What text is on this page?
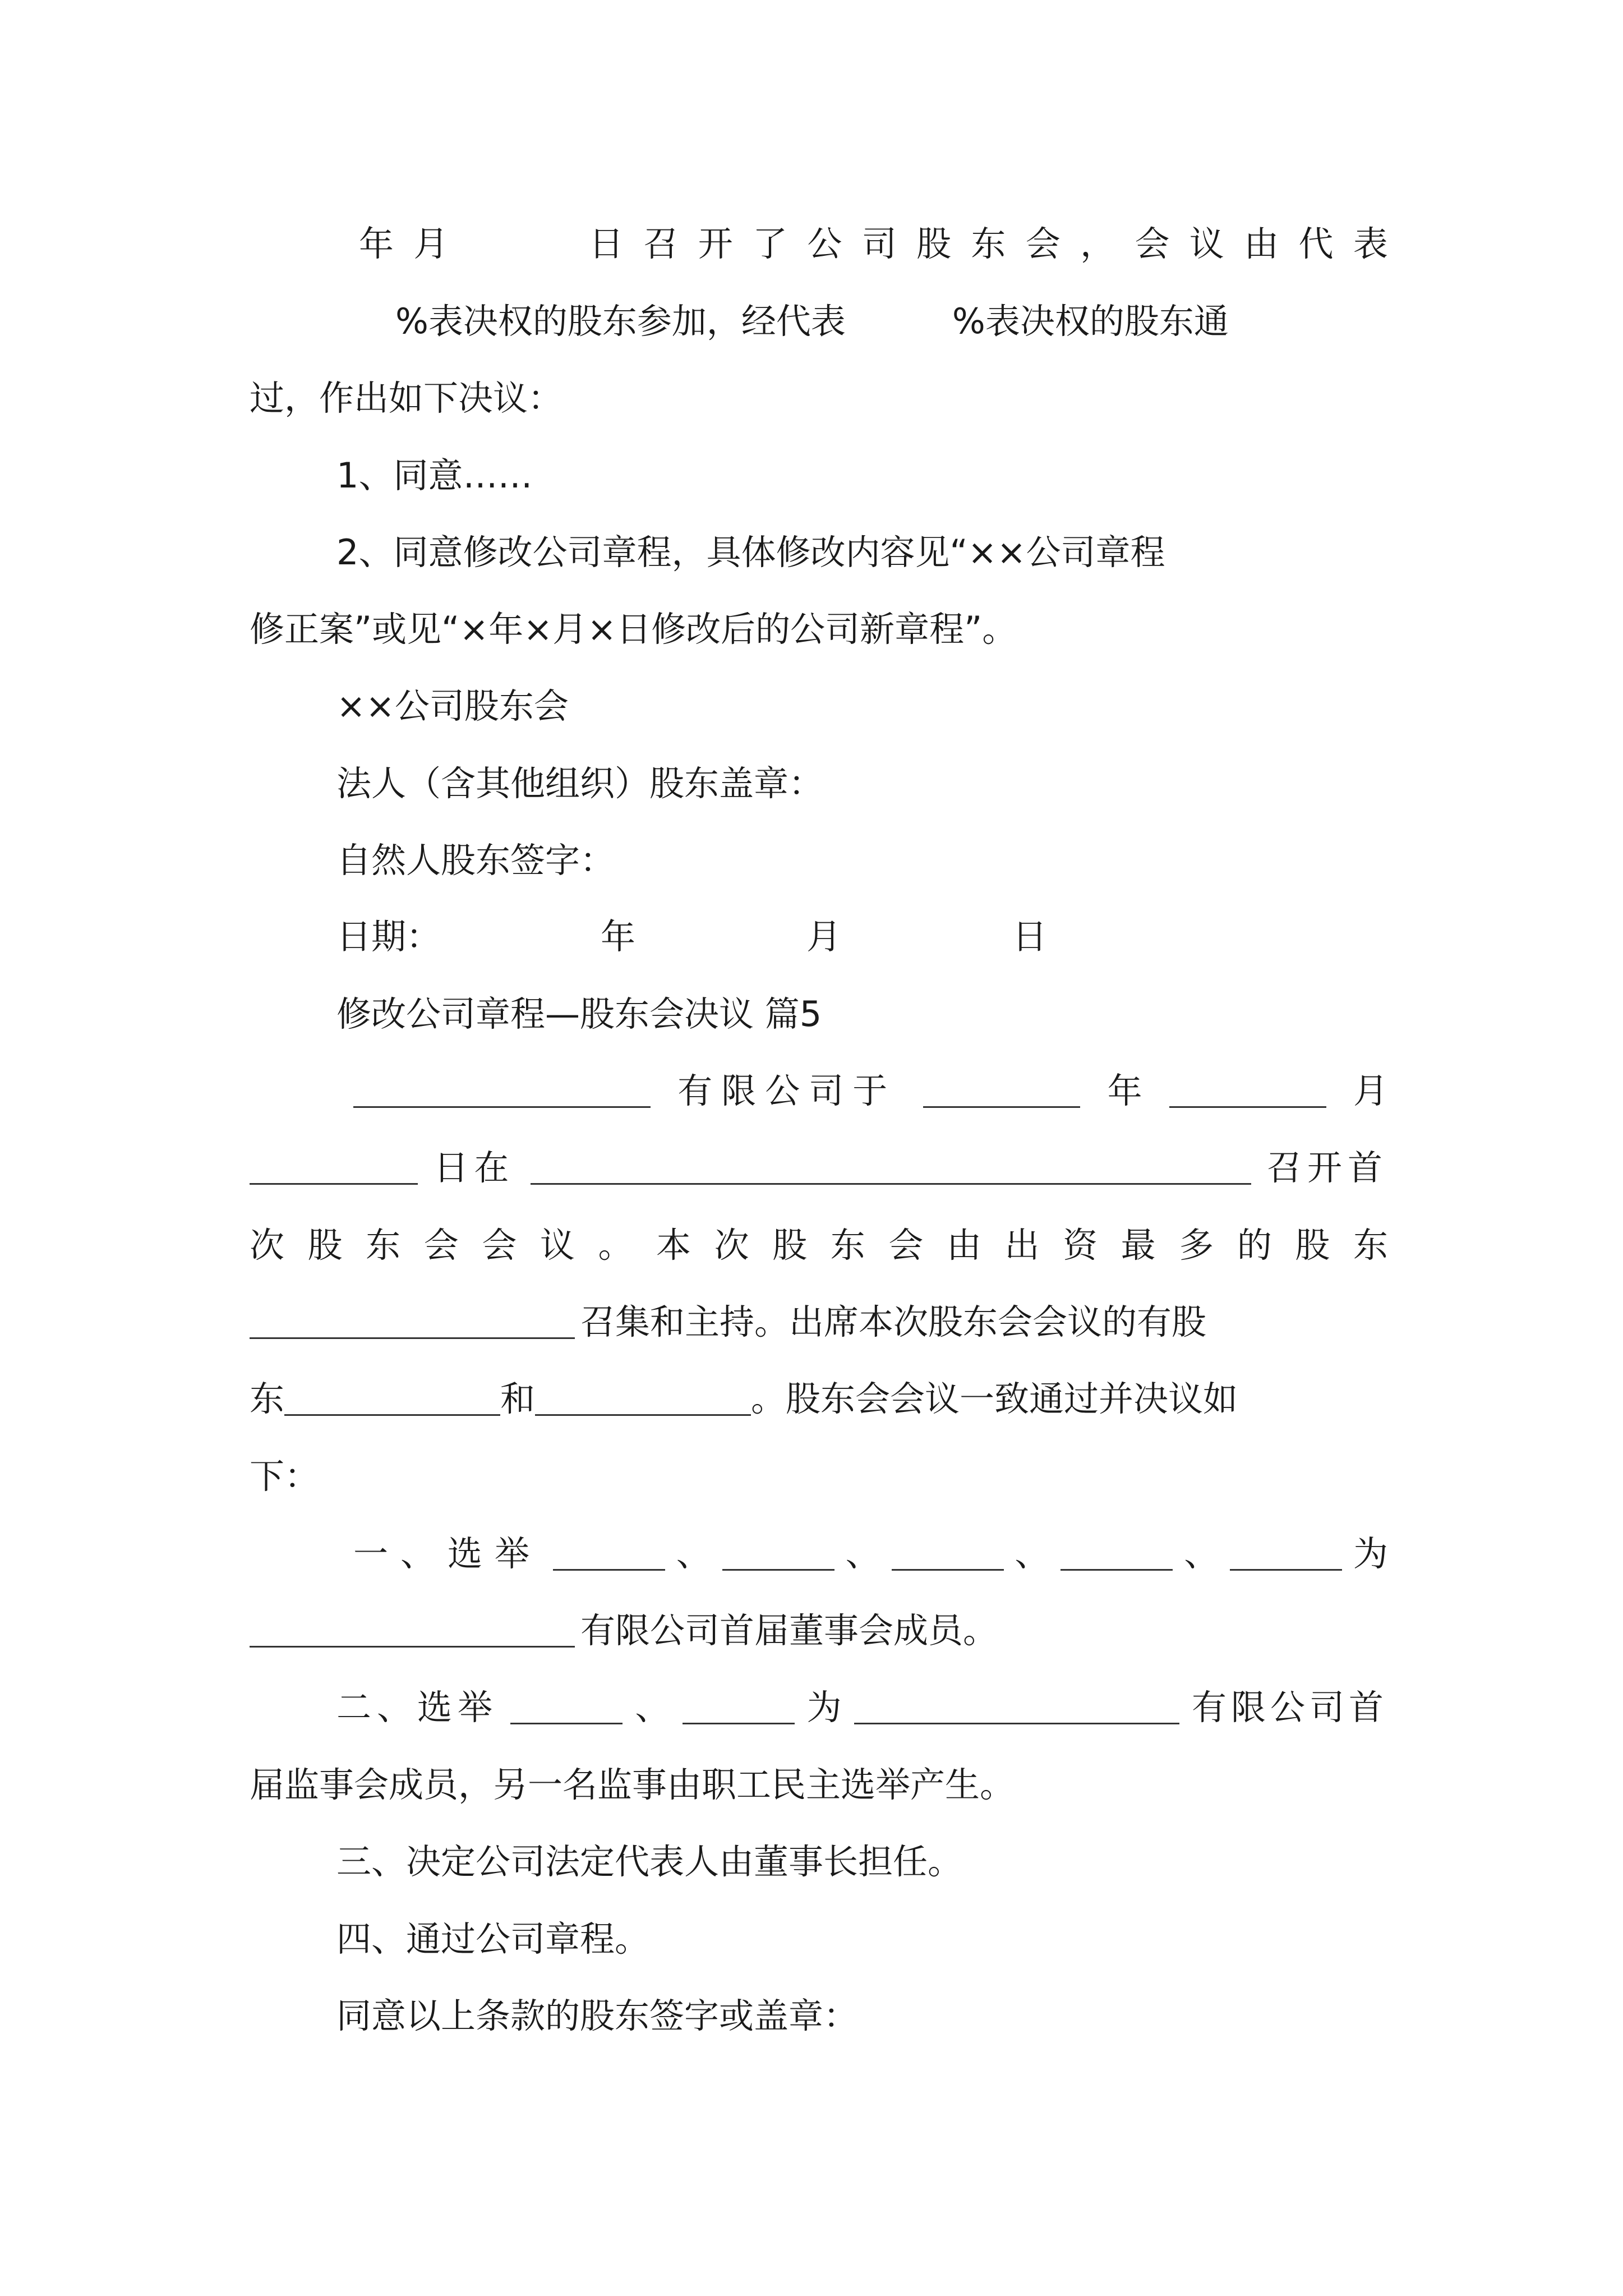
年 月	日 召 开 了 公 司 股 东 会 ， 会 议 由 代 表
%表决权的股东参加，经代表	%表决权的股东通
过，作出如下决议：
1、同意……
2、同意修改公司章程，具体修改内容见“××公司章程
修正案”或见“×年×月×日修改后的公司新章程”。
××公司股东会
法人（含其他组织）股东盖章：
自然人股东签字：
日期：	年	月	日
修改公司章程—股东会决议 篇5
有限公司于	年	月
日在	召开首
次 股 东 会 会 议 。 本 次 股 东 会 由 出 资 最 多 的 股 东
召集和主持。出席本次股东会会议的有股
东	和	。股东会会议一致通过并决议如
下：
一、选举	、	、	、	、	为
有限公司首届董事会成员。
二、选举	、	为	有限公司首
届监事会成员，另一名监事由职工民主选举产生。
三、决定公司法定代表人由董事长担任。
四、通过公司章程。
同意以上条款的股东签字或盖章：
